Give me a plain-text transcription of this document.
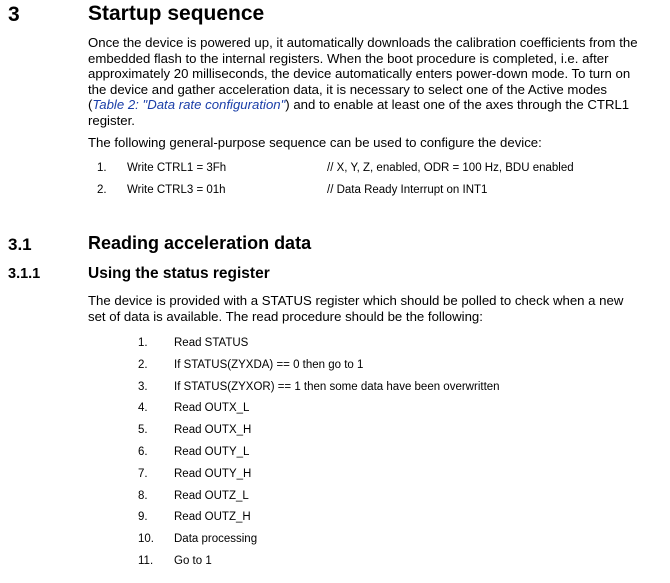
3	Startup sequence

Once the device is powered up, it automatically downloads the calibration coefficients from the embedded flash to the internal registers. When the boot procedure is completed, i.e. after approximately 20 milliseconds, the device automatically enters power-down mode. To turn on the device and gather acceleration data, it is necessary to select one of the Active modes (Table 2: "Data rate configuration") and to enable at least one of the axes through the CTRL1 register.

The following general-purpose sequence can be used to configure the device:

1. Write CTRL1 = 3Fh	// X, Y, Z, enabled, ODR = 100 Hz, BDU enabled
2. Write CTRL3 = 01h	// Data Ready Interrupt on INT1
3.1	Reading acceleration data
3.1.1	Using the status register

The device is provided with a STATUS register which should be polled to check when a new set of data is available. The read procedure should be the following:

1. Read STATUS
2. If STATUS(ZYXDA) == 0 then go to 1
3. If STATUS(ZYXOR) == 1 then some data have been overwritten
4. Read OUTX_L
5. Read OUTX_H
6. Read OUTY_L
7. Read OUTY_H
8. Read OUTZ_L
9. Read OUTZ_H
10. Data processing
11. Go to 1
